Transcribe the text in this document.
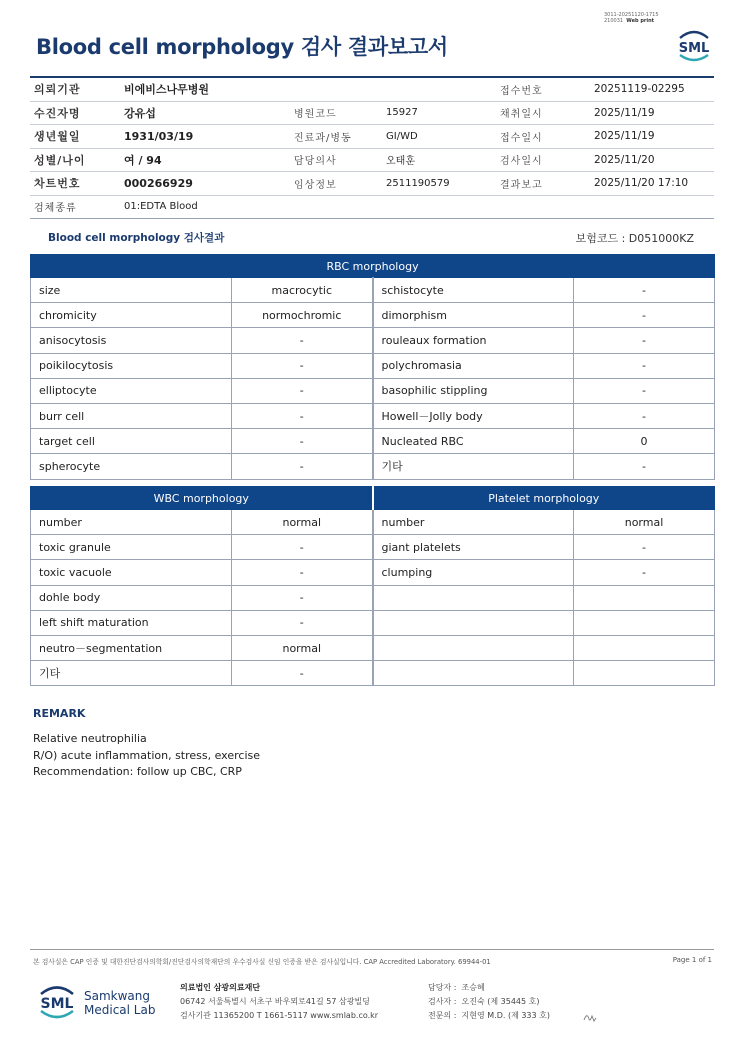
3011-20251120-1715
210031 Web print
Blood cell morphology 검사 결과보고서	SML
의뢰기관	비에비스나무병원	접수번호	20251119-02295
수진자명	강유섭	병원코드	15927	채취일시	2025/11/19
생년월일	1931/03/19	진료과/병동	GI/WD	접수일시	2025/11/19
성별/나이	여 / 94	담당의사	오태훈	검사일시	2025/11/20
차트번호	000266929	임상정보	2511190579	결과보고	2025/11/20 17:10
검체종류	01:EDTA Blood
Blood cell morphology 검사결과	보험코드 : D051000KZ
RBC morphology			
size	macrocytic	schistocyte	-
chromicity	normochromic	dimorphism	-
anisocytosis	-	rouleaux formation	-
poikilocytosis	-	polychromasia	-
elliptocyte	-	basophilic stippling	-
burr cell	-	Howell－Jolly body	-
target cell	-	Nucleated RBC	0
spherocyte	-	기타	-
WBC morphology		Platelet morphology	
number	normal	number	normal
toxic granule	-	giant platelets	-
toxic vacuole	-	clumping	-
dohle body	-		
left shift maturation	-		
neutro－segmentation	normal		
기타	-		
REMARK
Relative neutrophilia
R/O) acute inflammation, stress, exercise
Recommendation: follow up CBC, CRP
본 검사실은 CAP 인증 및 대한진단검사의학회/진단검사의학재단의 우수검사실 신임 인증을 받은 검사실입니다. CAP Accredited Laboratory. 69944-01	Page 1 of 1
SML Samkwang
Medical Lab
의료법인 삼광의료재단
06742 서울특별시 서초구 바우뫼로41길 57 삼광빌딩
검사기관 11365200 T 1661-5117 www.smlab.co.kr
담당자 : 조승혜
검사자 : 오진숙 (제 35445 호)
전문의 : 지현영 M.D. (제 333 호)
